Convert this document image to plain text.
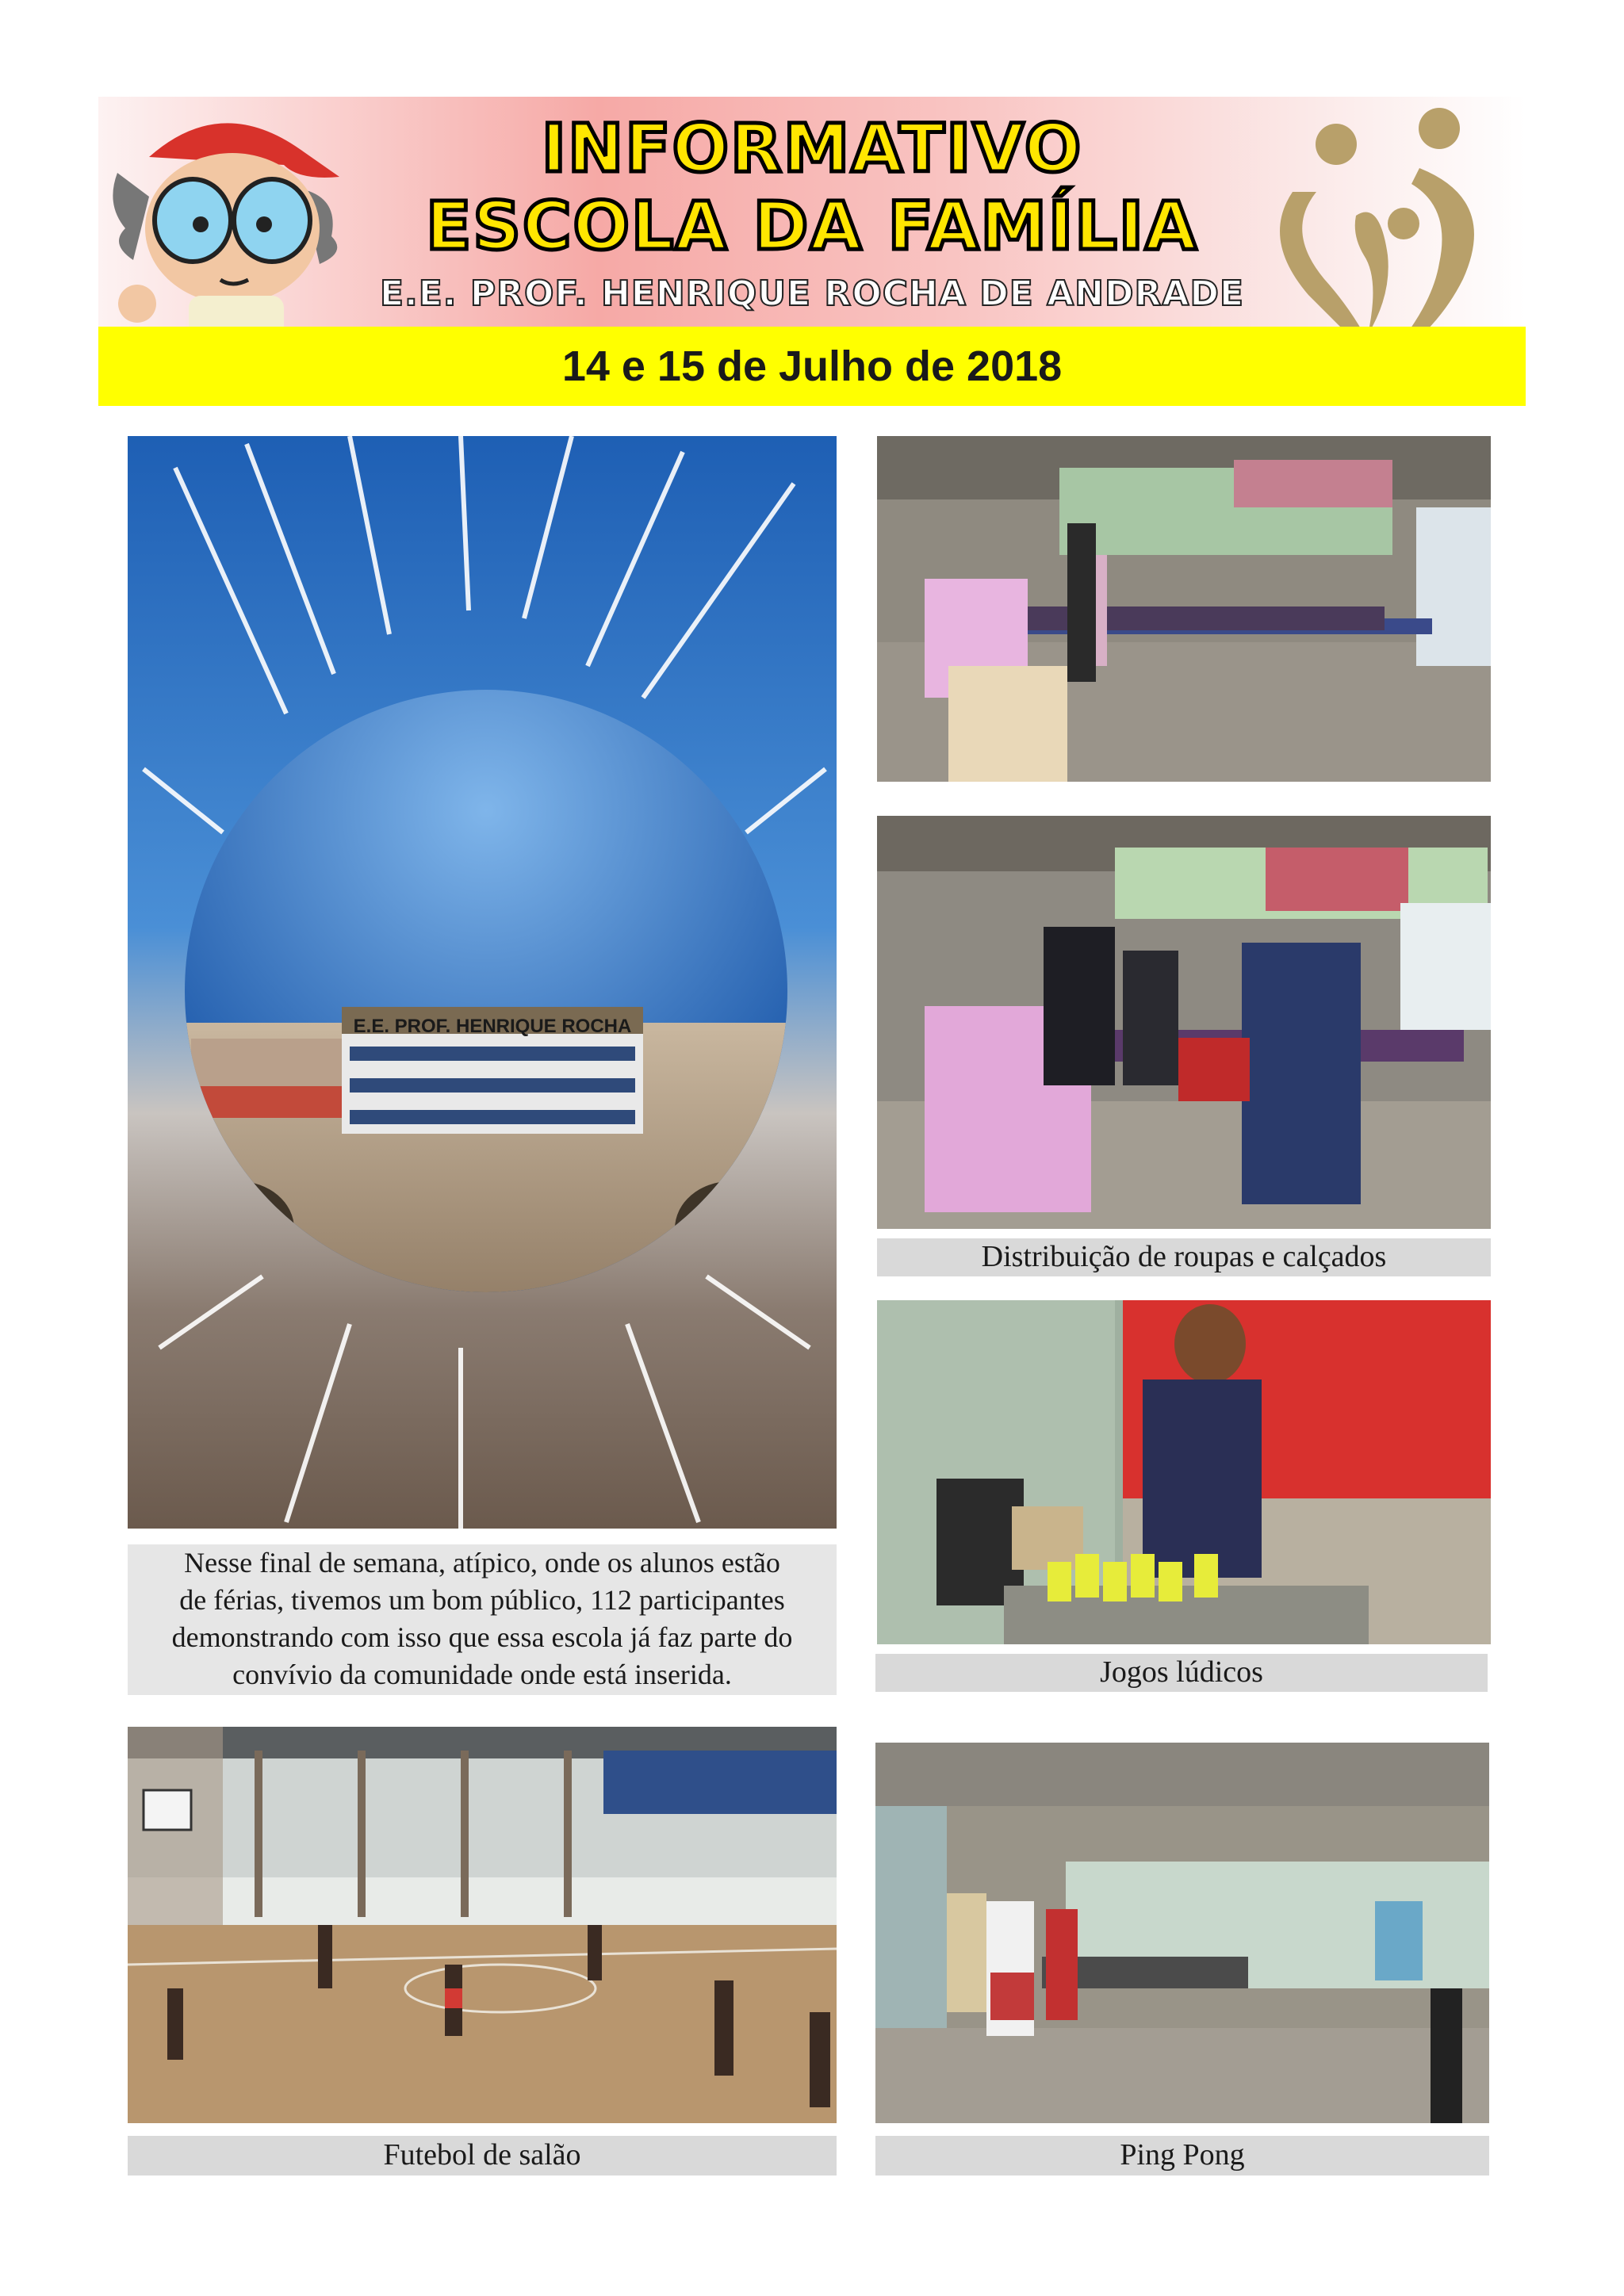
INFORMATIVO
ESCOLA DA FAMÍLIA
E.E. PROF. HENRIQUE ROCHA DE ANDRADE
14 e 15 de Julho de 2018
E.E. PROF. HENRIQUE ROCHA
Nesse final de semana, atípico, onde os alunos estão
de férias, tivemos um bom público, 112 participantes
demonstrando com isso que essa escola já faz parte do
convívio da comunidade onde está inserida.
Distribuição de roupas e calçados
Jogos lúdicos
Futebol de salão	Ping Pong
